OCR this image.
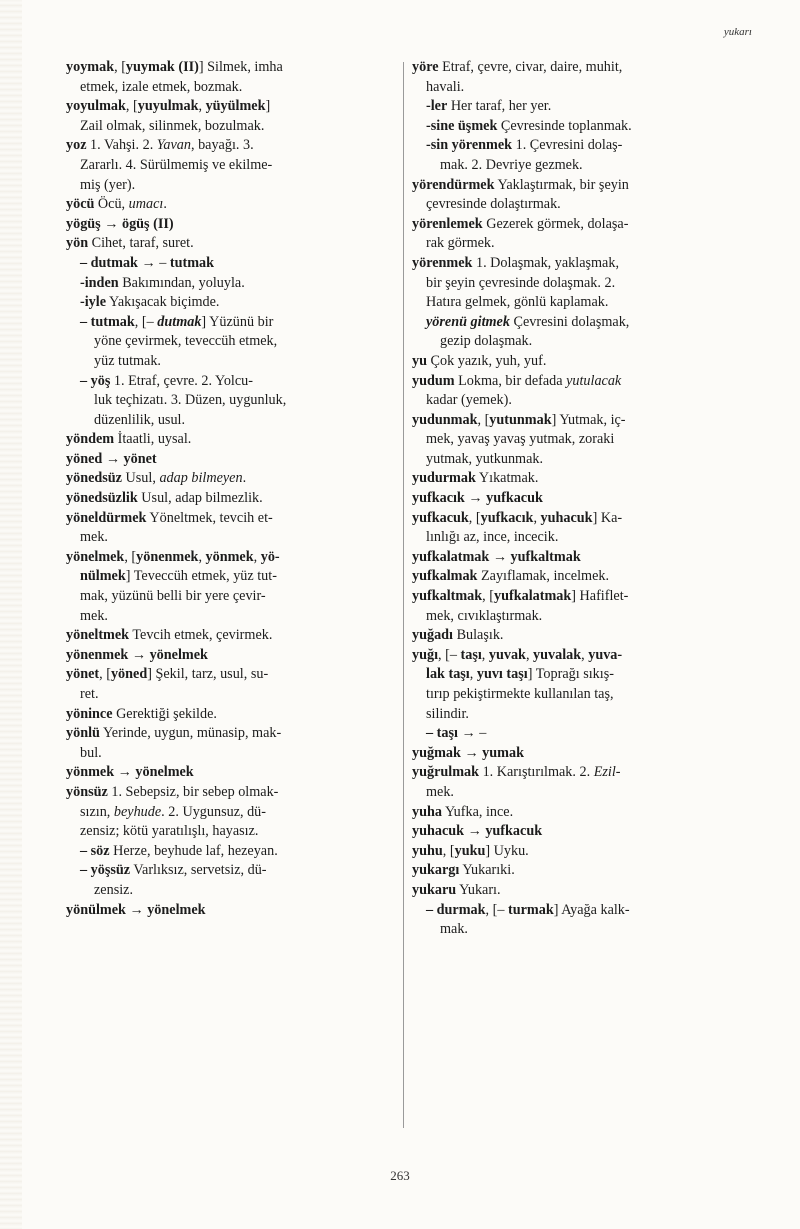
yukarı

yoymak, [yuymak (II)] Silmek, imha
etmek, izale etmek, bozmak.

yoyulmak, [yuyulmak, yüyülmek]
Zail olmak, silinmek, bozulmak.

yoz 1. Vahşi. 2. Yavan, bayağı. 3.
Zararlı. 4. Sürülmemiş ve ekilme-
miş (yer).

yöcü Öcü, umacı.

yögüş → ögüş (II)

yön Cihet, taraf, suret.

– dutmak → – tutmak

-inden Bakımından, yoluyla.

-iyle Yakışacak biçimde.

– tutmak, [– dutmak] Yüzünü bir
yöne çevirmek, teveccüh etmek,
yüz tutmak.

– yöş 1. Etraf, çevre. 2. Yolcu-
luk teçhizatı. 3. Düzen, uygunluk,
düzenlilik, usul.

yöndem İtaatli, uysal.

yöned → yönet

yönedsüz Usul, adap bilmeyen.

yönedsüzlik Usul, adap bilmezlik.

yöneldürmek Yöneltmek, tevcih et-
mek.

yönelmek, [yönenmek, yönmek, yö-
nülmek] Teveccüh etmek, yüz tut-
mak, yüzünü belli bir yere çevir-
mek.

yöneltmek Tevcih etmek, çevirmek.

yönenmek → yönelmek

yönet, [yöned] Şekil, tarz, usul, su-
ret.

yönince Gerektiği şekilde.

yönlü Yerinde, uygun, münasip, mak-
bul.

yönmek → yönelmek

yönsüz 1. Sebepsiz, bir sebep olmak-
sızın, beyhude. 2. Uygunsuz, dü-
zensiz; kötü yaratılışlı, hayasız.

– söz Herze, beyhude laf, hezeyan.

– yöşsüz Varlıksız, servetsiz, dü-
zensiz.

yönülmek → yönelmek

yöre Etraf, çevre, civar, daire, muhit,
havali.

-ler Her taraf, her yer.

-sine üşmek Çevresinde toplanmak.

-sin yörenmek 1. Çevresini dolaş-
mak. 2. Devriye gezmek.

yörendürmek Yaklaştırmak, bir şeyin
çevresinde dolaştırmak.

yörenlemek Gezerek görmek, dolaşa-
rak görmek.

yörenmek 1. Dolaşmak, yaklaşmak,
bir şeyin çevresinde dolaşmak. 2.
Hatıra gelmek, gönlü kaplamak.

yörenü gitmek Çevresini dolaşmak,
gezip dolaşmak.

yu Çok yazık, yuh, yuf.

yudum Lokma, bir defada yutulacak
kadar (yemek).

yudunmak, [yutunmak] Yutmak, iç-
mek, yavaş yavaş yutmak, zoraki
yutmak, yutkunmak.

yudurmak Yıkatmak.

yufkacık → yufkacuk

yufkacuk, [yufkacık, yuhacuk] Ka-
lınlığı az, ince, incecik.

yufkalatmak → yufkaltmak

yufkalmak Zayıflamak, incelmek.

yufkaltmak, [yufkalatmak] Hafiflet-
mek, cıvıklaştırmak.

yuğadı Bulaşık.

yuğı, [– taşı, yuvak, yuvalak, yuva-
lak taşı, yuvı taşı] Toprağı sıkış-
tırıp pekiştirmekte kullanılan taş,
silindir.

– taşı → –

yuğmak → yumak

yuğrulmak 1. Karıştırılmak. 2. Ezil-
mek.

yuha Yufka, ince.

yuhacuk → yufkacuk

yuhu, [yuku] Uyku.

yukargı Yukarıki.

yukaru Yukarı.

– durmak, [– turmak] Ayağa kalk-
mak.

263
